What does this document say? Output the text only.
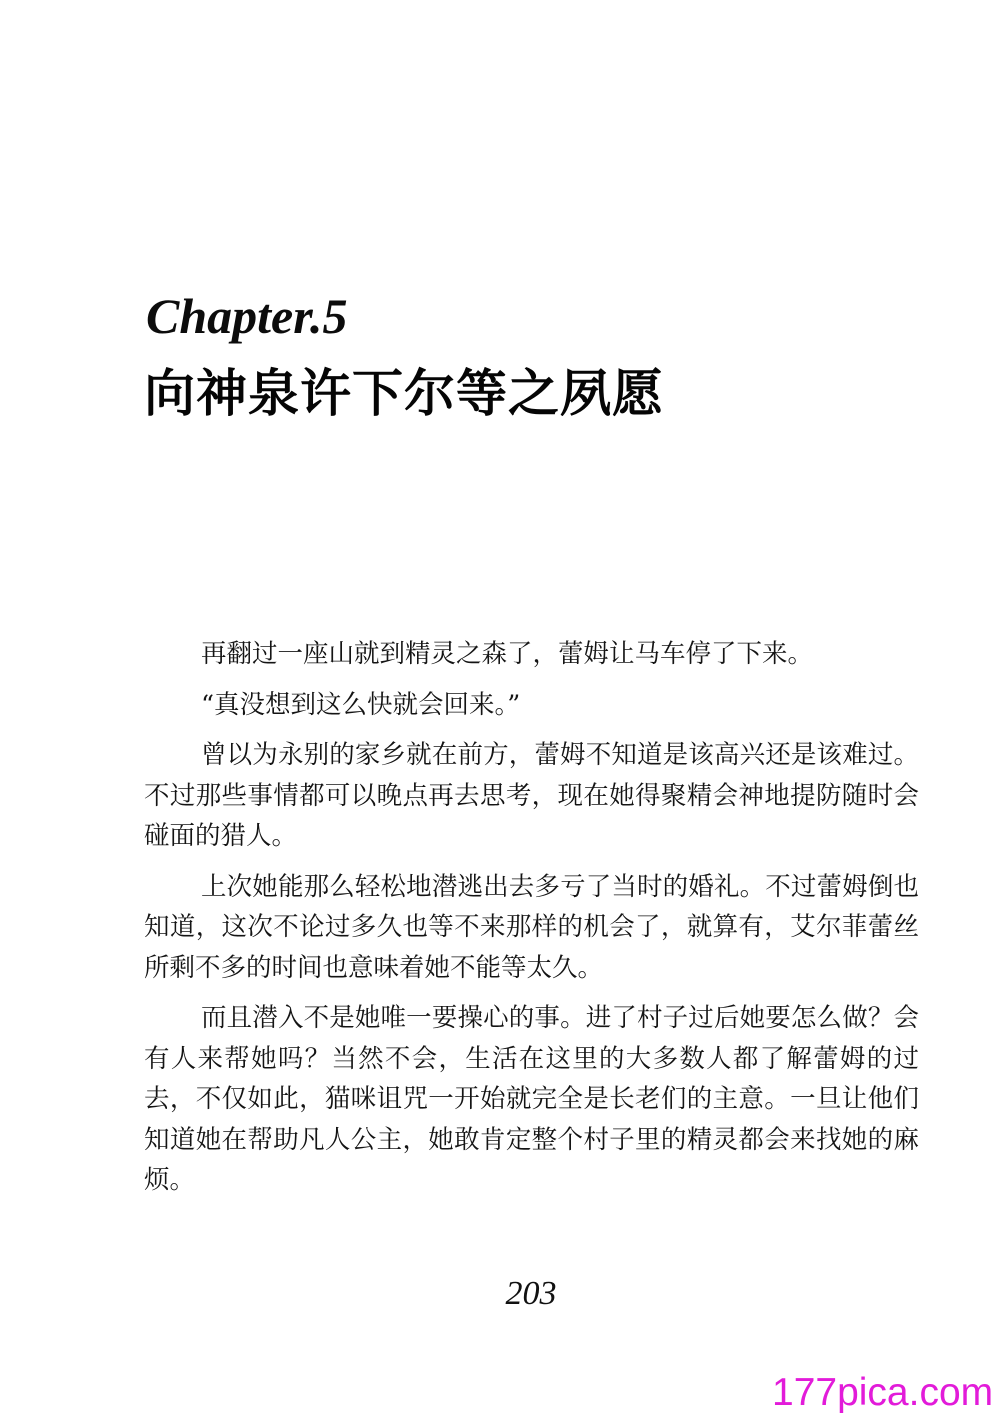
Chapter.5
向神泉许下尔等之夙愿

再翻过一座山就到精灵之森了，蕾姆让马车停了下来。

“真没想到这么快就会回来。”

曾以为永别的家乡就在前方，蕾姆不知道是该高兴还是该难过。不过那些事情都可以晚点再去思考，现在她得聚精会神地提防随时会碰面的猎人。

上次她能那么轻松地潜逃出去多亏了当时的婚礼。不过蕾姆倒也知道，这次不论过多久也等不来那样的机会了，就算有，艾尔菲蕾丝所剩不多的时间也意味着她不能等太久。

而且潜入不是她唯一要操心的事。进了村子过后她要怎么做？会有人来帮她吗？当然不会，生活在这里的大多数人都了解蕾姆的过去，不仅如此，猫咪诅咒一开始就完全是长老们的主意。一旦让他们知道她在帮助凡人公主，她敢肯定整个村子里的精灵都会来找她的麻烦。

203
177pica.com
